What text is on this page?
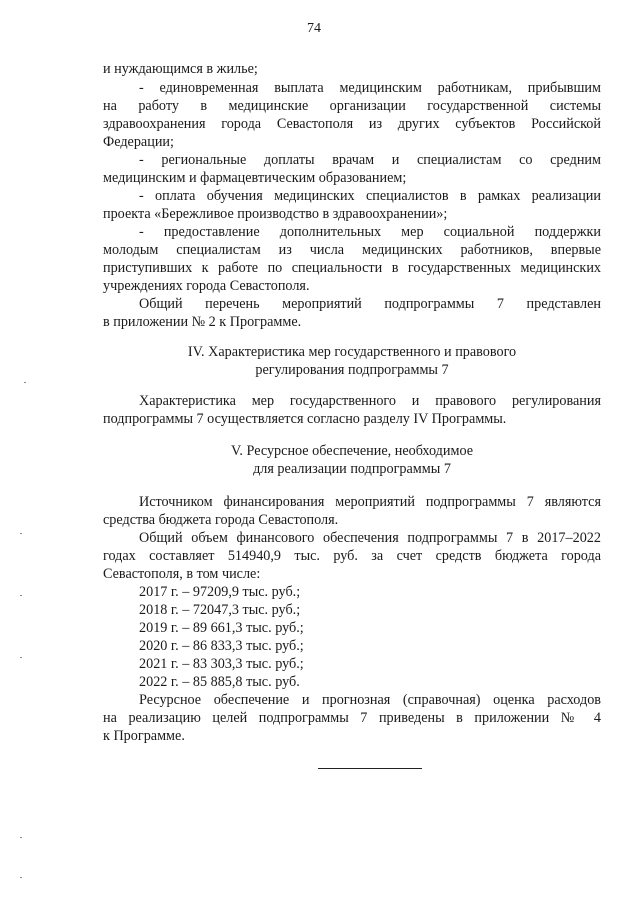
74
и нуждающимся в жилье;
- единовременная выплата медицинским работникам, прибывшим
на работу в медицинские организации государственной системы
здравоохранения города Севастополя из других субъектов Российской
Федерации;
- региональные доплаты врачам и специалистам со средним
медицинским и фармацевтическим образованием;
- оплата обучения медицинских специалистов в рамках реализации
проекта «Бережливое производство в здравоохранении»;
- предоставление дополнительных мер социальной поддержки
молодым специалистам из числа медицинских работников, впервые
приступивших к работе по специальности в государственных медицинских
учреждениях города Севастополя.
Общий перечень мероприятий подпрограммы 7 представлен
в приложении № 2 к Программе.
IV. Характеристика мер государственного и правового
регулирования подпрограммы 7
Характеристика мер государственного и правового регулирования
подпрограммы 7 осуществляется согласно разделу IV Программы.
V. Ресурсное обеспечение, необходимое
для реализации подпрограммы 7
Источником финансирования мероприятий подпрограммы 7 являются
средства бюджета города Севастополя.
Общий объем финансового обеспечения подпрограммы 7 в 2017–2022
годах составляет 514940,9 тыс. руб. за счет средств бюджета города
Севастополя, в том числе:
2017 г. – 97209,9 тыс. руб.;
2018 г. – 72047,3 тыс. руб.;
2019 г. – 89 661,3 тыс. руб.;
2020 г. – 86 833,3 тыс. руб.;
2021 г. – 83 303,3 тыс. руб.;
2022 г. – 85 885,8 тыс. руб.
Ресурсное обеспечение и прогнозная (справочная) оценка расходов
на реализацию целей подпрограммы 7 приведены в приложении № 4
к Программе.
